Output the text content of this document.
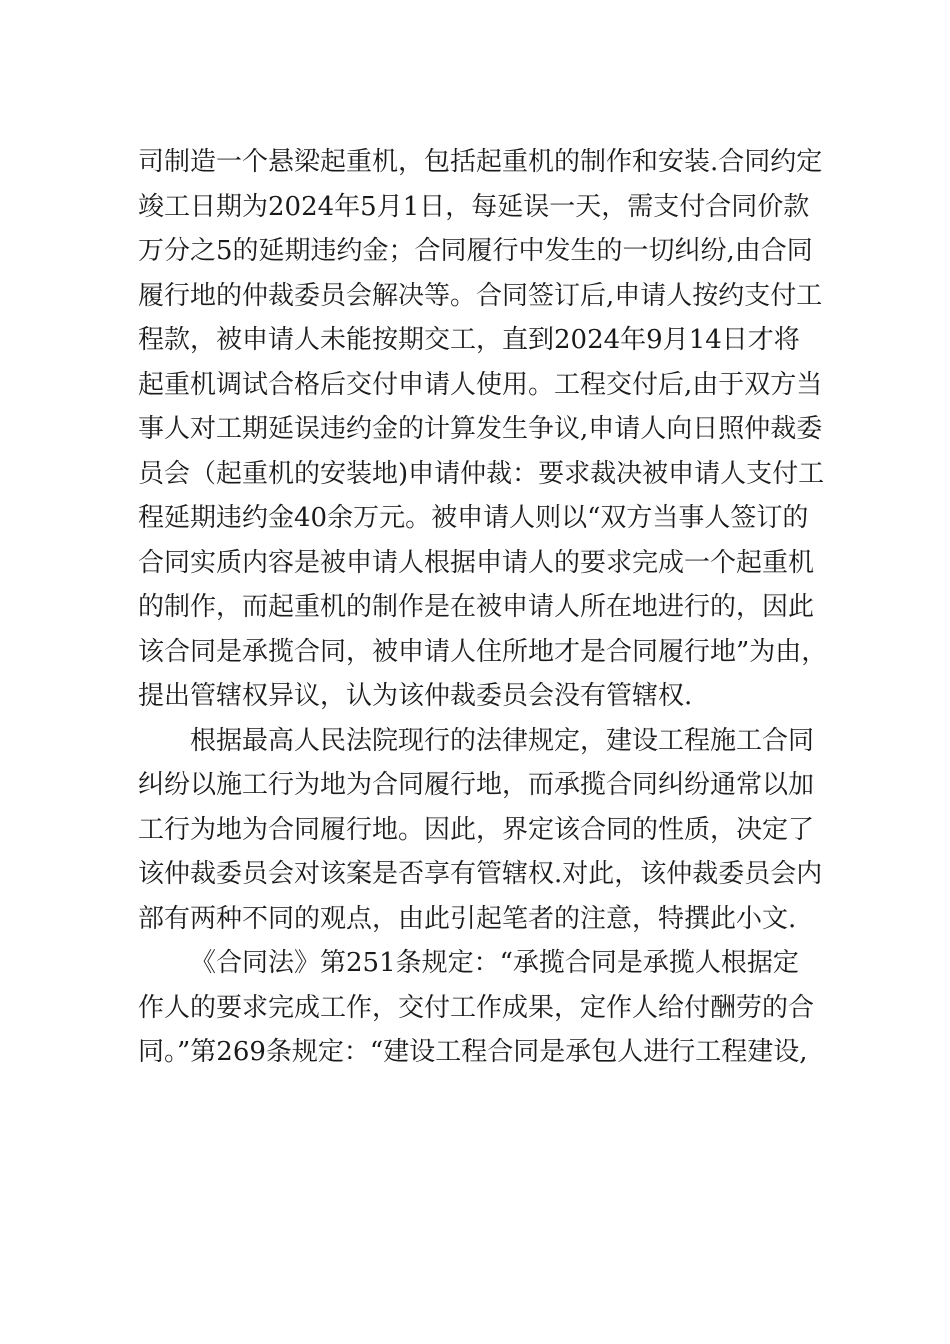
司制造一个悬梁起重机，包括起重机的制作和安装.合同约定
竣工日期为2024年5月1日，每延误一天，需支付合同价款
万分之5的延期违约金；合同履行中发生的一切纠纷,由合同
履行地的仲裁委员会解决等。合同签订后,申请人按约支付工
程款，被申请人未能按期交工，直到2024年9月14日才将
起重机调试合格后交付申请人使用。工程交付后,由于双方当
事人对工期延误违约金的计算发生争议,申请人向日照仲裁委
员会（起重机的安装地)申请仲裁：要求裁决被申请人支付工
程延期违约金40余万元。被申请人则以“双方当事人签订的
合同实质内容是被申请人根据申请人的要求完成一个起重机
的制作，而起重机的制作是在被申请人所在地进行的，因此
该合同是承揽合同，被申请人住所地才是合同履行地”为由，
提出管辖权异议，认为该仲裁委员会没有管辖权.
根据最高人民法院现行的法律规定，建设工程施工合同
纠纷以施工行为地为合同履行地，而承揽合同纠纷通常以加
工行为地为合同履行地。因此，界定该合同的性质，决定了
该仲裁委员会对该案是否享有管辖权.对此，该仲裁委员会内
部有两种不同的观点，由此引起笔者的注意，特撰此小文.
《合同法》第251条规定：“承揽合同是承揽人根据定
作人的要求完成工作，交付工作成果，定作人给付酬劳的合
同。”第269条规定：“建设工程合同是承包人进行工程建设,
